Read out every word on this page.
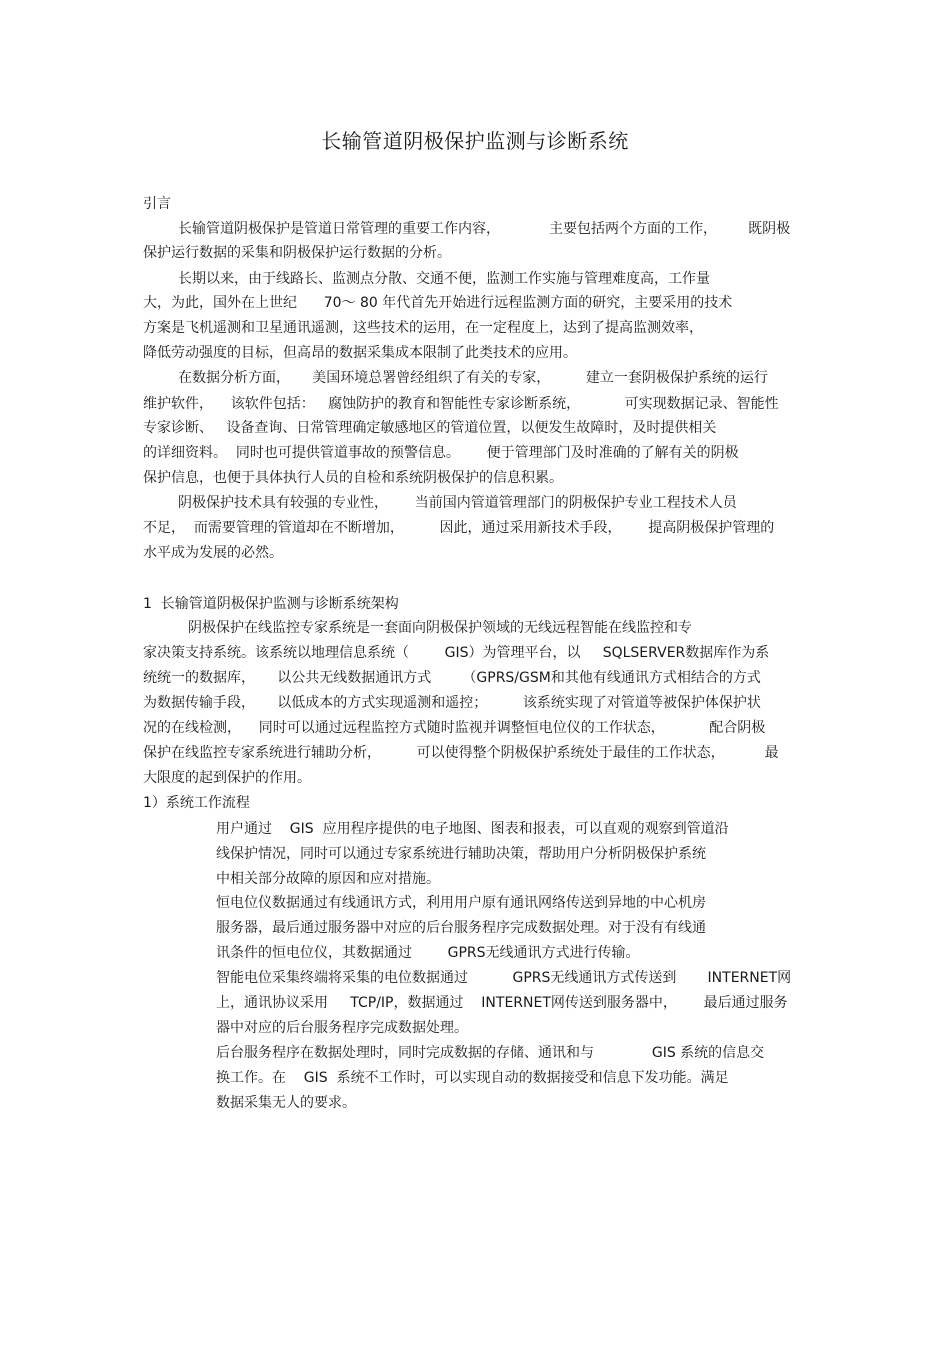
长输管道阴极保护监测与诊断系统
引言
长输管道阴极保护是管道日常管理的重要工作内容，           主要包括两个方面的工作，       既阴极
保护运行数据的采集和阴极保护运行数据的分析。
长期以来，由于线路长、监测点分散、交通不便，监测工作实施与管理难度高，工作量
大，为此，国外在上世纪      70～ 80 年代首先开始进行远程监测方面的研究，主要采用的技术
方案是飞机遥测和卫星通讯遥测，这些技术的运用，在一定程度上，达到了提高监测效率，
降低劳动强度的目标，但高昂的数据采集成本限制了此类技术的应用。
在数据分析方面，     美国环境总署曾经组织了有关的专家，        建立一套阴极保护系统的运行
维护软件，    该软件包括：   腐蚀防护的教育和智能性专家诊断系统，          可实现数据记录、智能性
专家诊断、   设备查询、日常管理确定敏感地区的管道位置，以便发生故障时，及时提供相关
的详细资料。  同时也可提供管道事故的预警信息。      便于管理部门及时准确的了解有关的阴极
保护信息，也便于具体执行人员的自检和系统阴极保护的信息积累。
阴极保护技术具有较强的专业性，      当前国内管道管理部门的阴极保护专业工程技术人员
不足，  而需要管理的管道却在不断增加，        因此，通过采用新技术手段，      提高阴极保护管理的
水平成为发展的必然。
1  长输管道阴极保护监测与诊断系统架构
阴极保护在线监控专家系统是一套面向阴极保护领域的无线远程智能在线监控和专
家决策支持系统。该系统以地理信息系统（        GIS）为管理平台，以     SQLSERVER数据库作为系
统统一的数据库，     以公共无线数据通讯方式       （GPRS/GSM和其他有线通讯方式相结合的方式
为数据传输手段，     以低成本的方式实现遥测和遥控；        该系统实现了对管道等被保护体保护状
况的在线检测，    同时可以通过远程监控方式随时监视并调整恒电位仪的工作状态，          配合阴极
保护在线监控专家系统进行辅助分析，        可以使得整个阴极保护系统处于最佳的工作状态，         最
大限度的起到保护的作用。
1）系统工作流程
用户通过    GIS  应用程序提供的电子地图、图表和报表，可以直观的观察到管道沿
线保护情况，同时可以通过专家系统进行辅助决策，帮助用户分析阴极保护系统
中相关部分故障的原因和应对措施。
恒电位仪数据通过有线通讯方式，利用用户原有通讯网络传送到异地的中心机房
服务器，最后通过服务器中对应的后台服务程序完成数据处理。对于没有有线通
讯条件的恒电位仪，其数据通过        GPRS无线通讯方式进行传输。
智能电位采集终端将采集的电位数据通过          GPRS无线通讯方式传送到       INTERNET网
上，通讯协议采用     TCP/IP，数据通过    INTERNET网传送到服务器中，      最后通过服务
器中对应的后台服务程序完成数据处理。
后台服务程序在数据处理时，同时完成数据的存储、通讯和与             GIS 系统的信息交
换工作。在    GIS  系统不工作时，可以实现自动的数据接受和信息下发功能。满足
数据采集无人的要求。
